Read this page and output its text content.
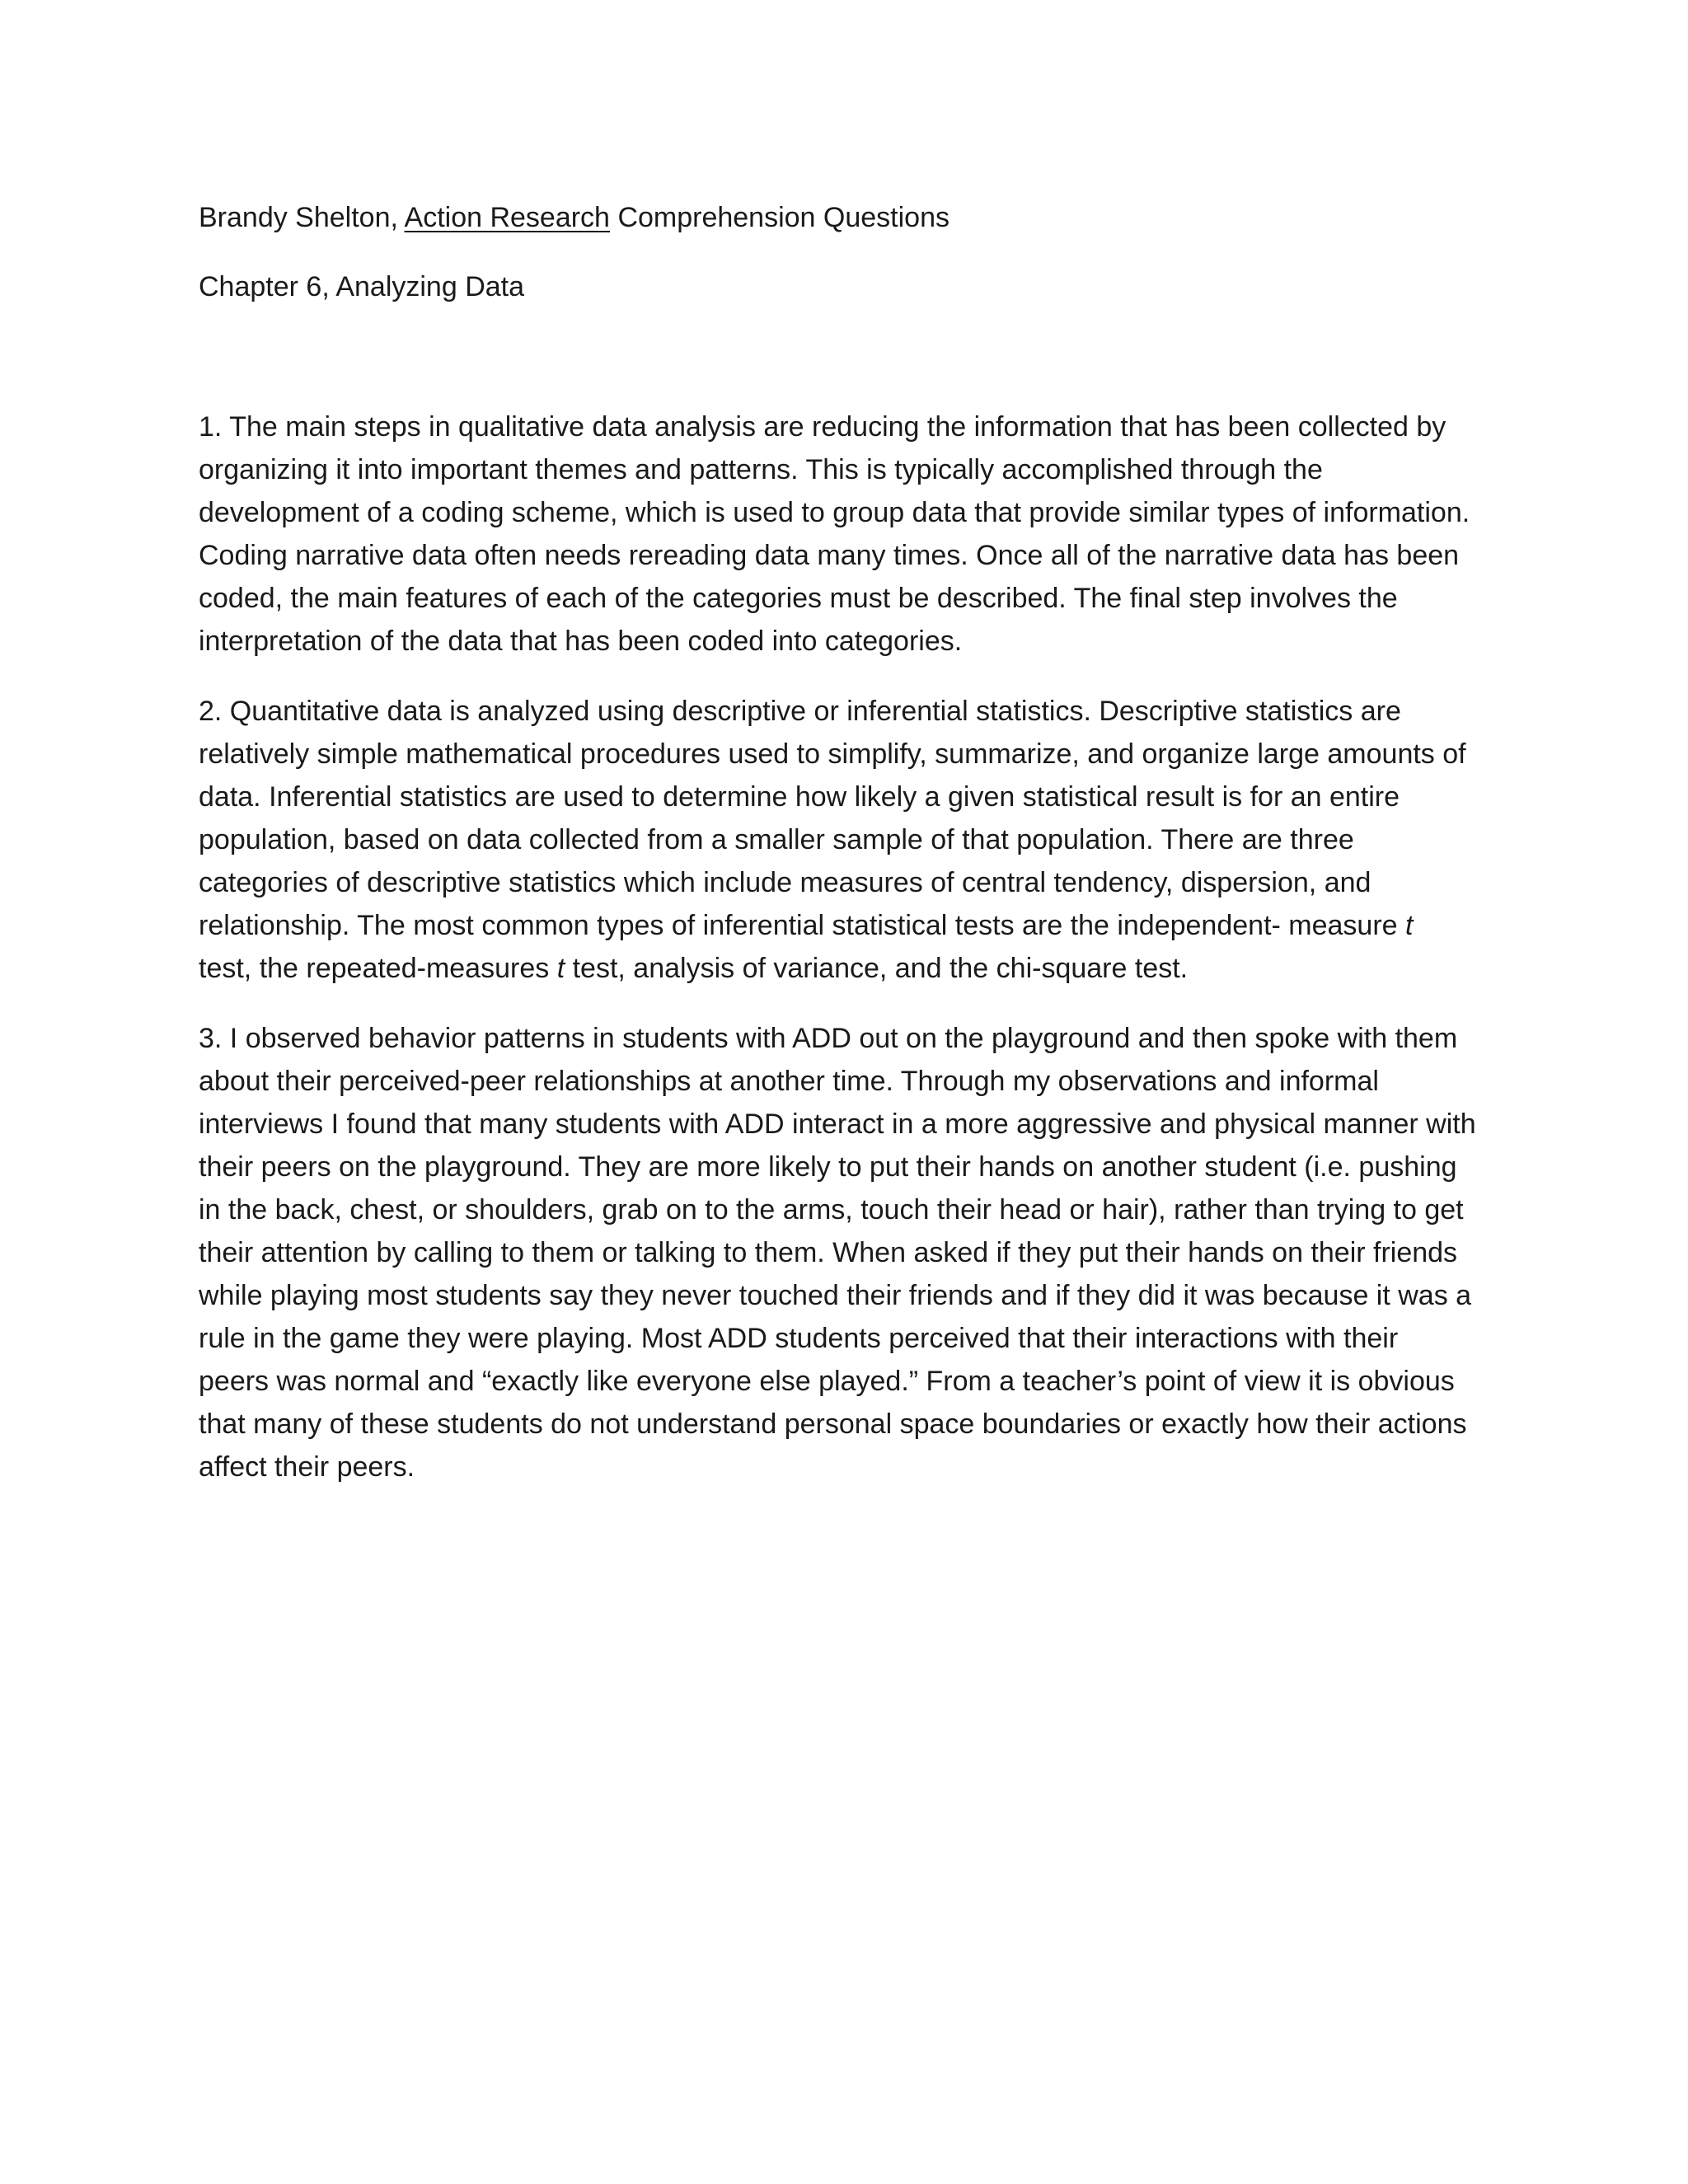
Brandy Shelton, Action Research Comprehension Questions

Chapter 6, Analyzing Data

1. The main steps in qualitative data analysis are reducing the information that has been collected by

organizing it into important themes and patterns. This is typically accomplished through the

development of a coding scheme, which is used to group data that provide similar types of information.

Coding narrative data often needs rereading data many times. Once all of the narrative data has been

coded, the main features of each of the categories must be described. The final step involves the

interpretation of the data that has been coded into categories.

2. Quantitative data is analyzed using descriptive or inferential statistics. Descriptive statistics are

relatively simple mathematical procedures used to simplify, summarize, and organize large amounts of

data. Inferential statistics are used to determine how likely a given statistical result is for an entire

population, based on data collected from a smaller sample of that population. There are three

categories of descriptive statistics which include measures of central tendency, dispersion, and

relationship. The most common types of inferential statistical tests are the independent- measure t

test, the repeated-measures t test, analysis of variance, and the chi-square test.

3. I observed behavior patterns in students with ADD out on the playground and then spoke with them

about their perceived-peer relationships at another time. Through my observations and informal

interviews I found that many students with ADD interact in a more aggressive and physical manner with

their peers on the playground. They are more likely to put their hands on another student (i.e. pushing

in the back, chest, or shoulders, grab on to the arms, touch their head or hair), rather than trying to get

their attention by calling to them or talking to them. When asked if they put their hands on their friends

while playing most students say they never touched their friends and if they did it was because it was a

rule in the game they were playing. Most ADD students perceived that their interactions with their

peers was normal and “exactly like everyone else played.” From a teacher’s point of view it is obvious

that many of these students do not understand personal space boundaries or exactly how their actions

affect their peers.
